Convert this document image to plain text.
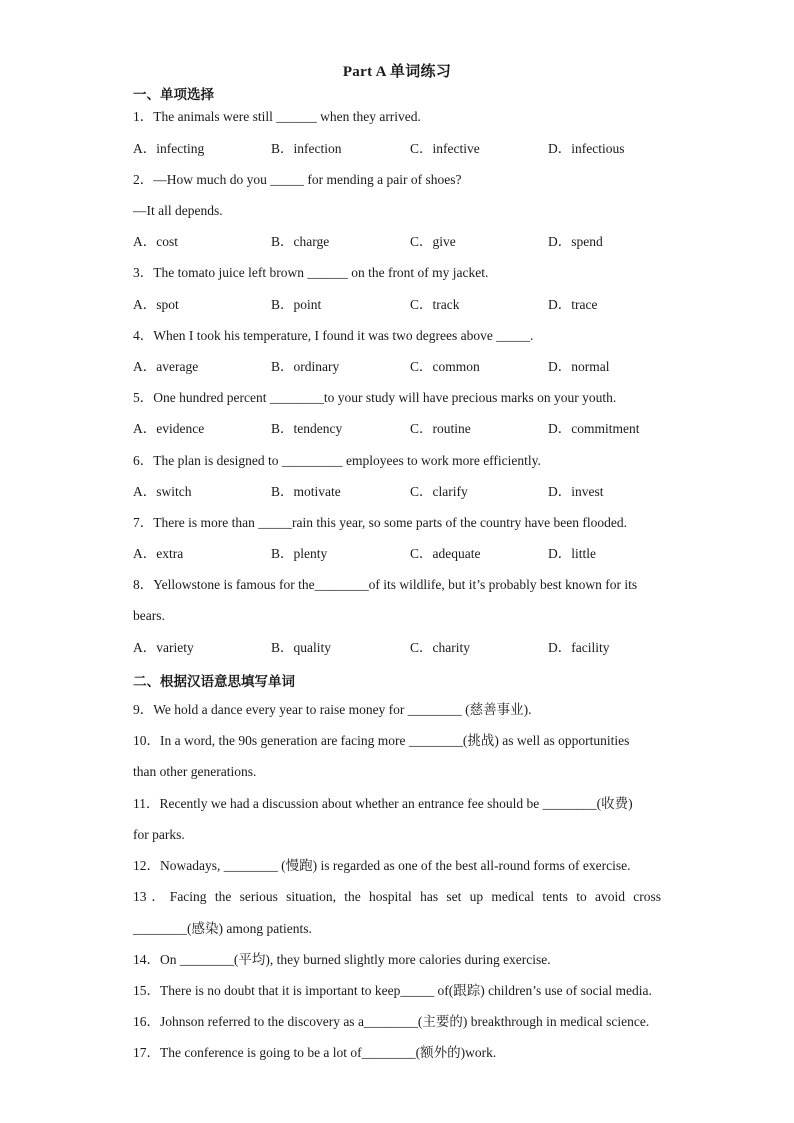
Part A 单词练习
一、单项选择
1．The animals were still ______ when they arrived.
A．infecting	B．infection	C．infective	D．infectious
2．—How much do you _____ for mending a pair of shoes?
—It all depends.
A．cost	B．charge	C．give	D．spend
3．The tomato juice left brown ______ on the front of my jacket.
A．spot	B．point	C．track	D．trace
4．When I took his temperature, I found it was two degrees above _____.
A．average	B．ordinary	C．common	D．normal
5．One hundred percent ________to your study will have precious marks on your youth.
A．evidence	B．tendency	C．routine	D．commitment
6．The plan is designed to _________ employees to work more efficiently.
A．switch	B．motivate	C．clarify	D．invest
7．There is more than _____rain this year, so some parts of the country have been flooded.
A．extra	B．plenty	C．adequate	D．little
8．Yellowstone is famous for the________of its wildlife, but it’s probably best known for its
bears.
A．variety	B．quality	C．charity	D．facility
二、根据汉语意思填写单词
9．We hold a dance every year to raise money for ________ (慈善事业).
10．In a word, the 90s generation are facing more ________(挑战) as well as opportunities
than other generations.
11．Recently we had a discussion about whether an entrance fee should be ________(收费)
for parks.
12．Nowadays, ________ (慢跑) is regarded as one of the best all-round forms of exercise.
13．Facing the serious situation, the hospital has set up medical tents to avoid cross
________(感染) among patients.
14．On ________(平均), they burned slightly more calories during exercise.
15．There is no doubt that it is important to keep_____ of(跟踪) children’s use of social media.
16．Johnson referred to the discovery as a________(主要的) breakthrough in medical science.
17．The conference is going to be a lot of________(额外的)work.
